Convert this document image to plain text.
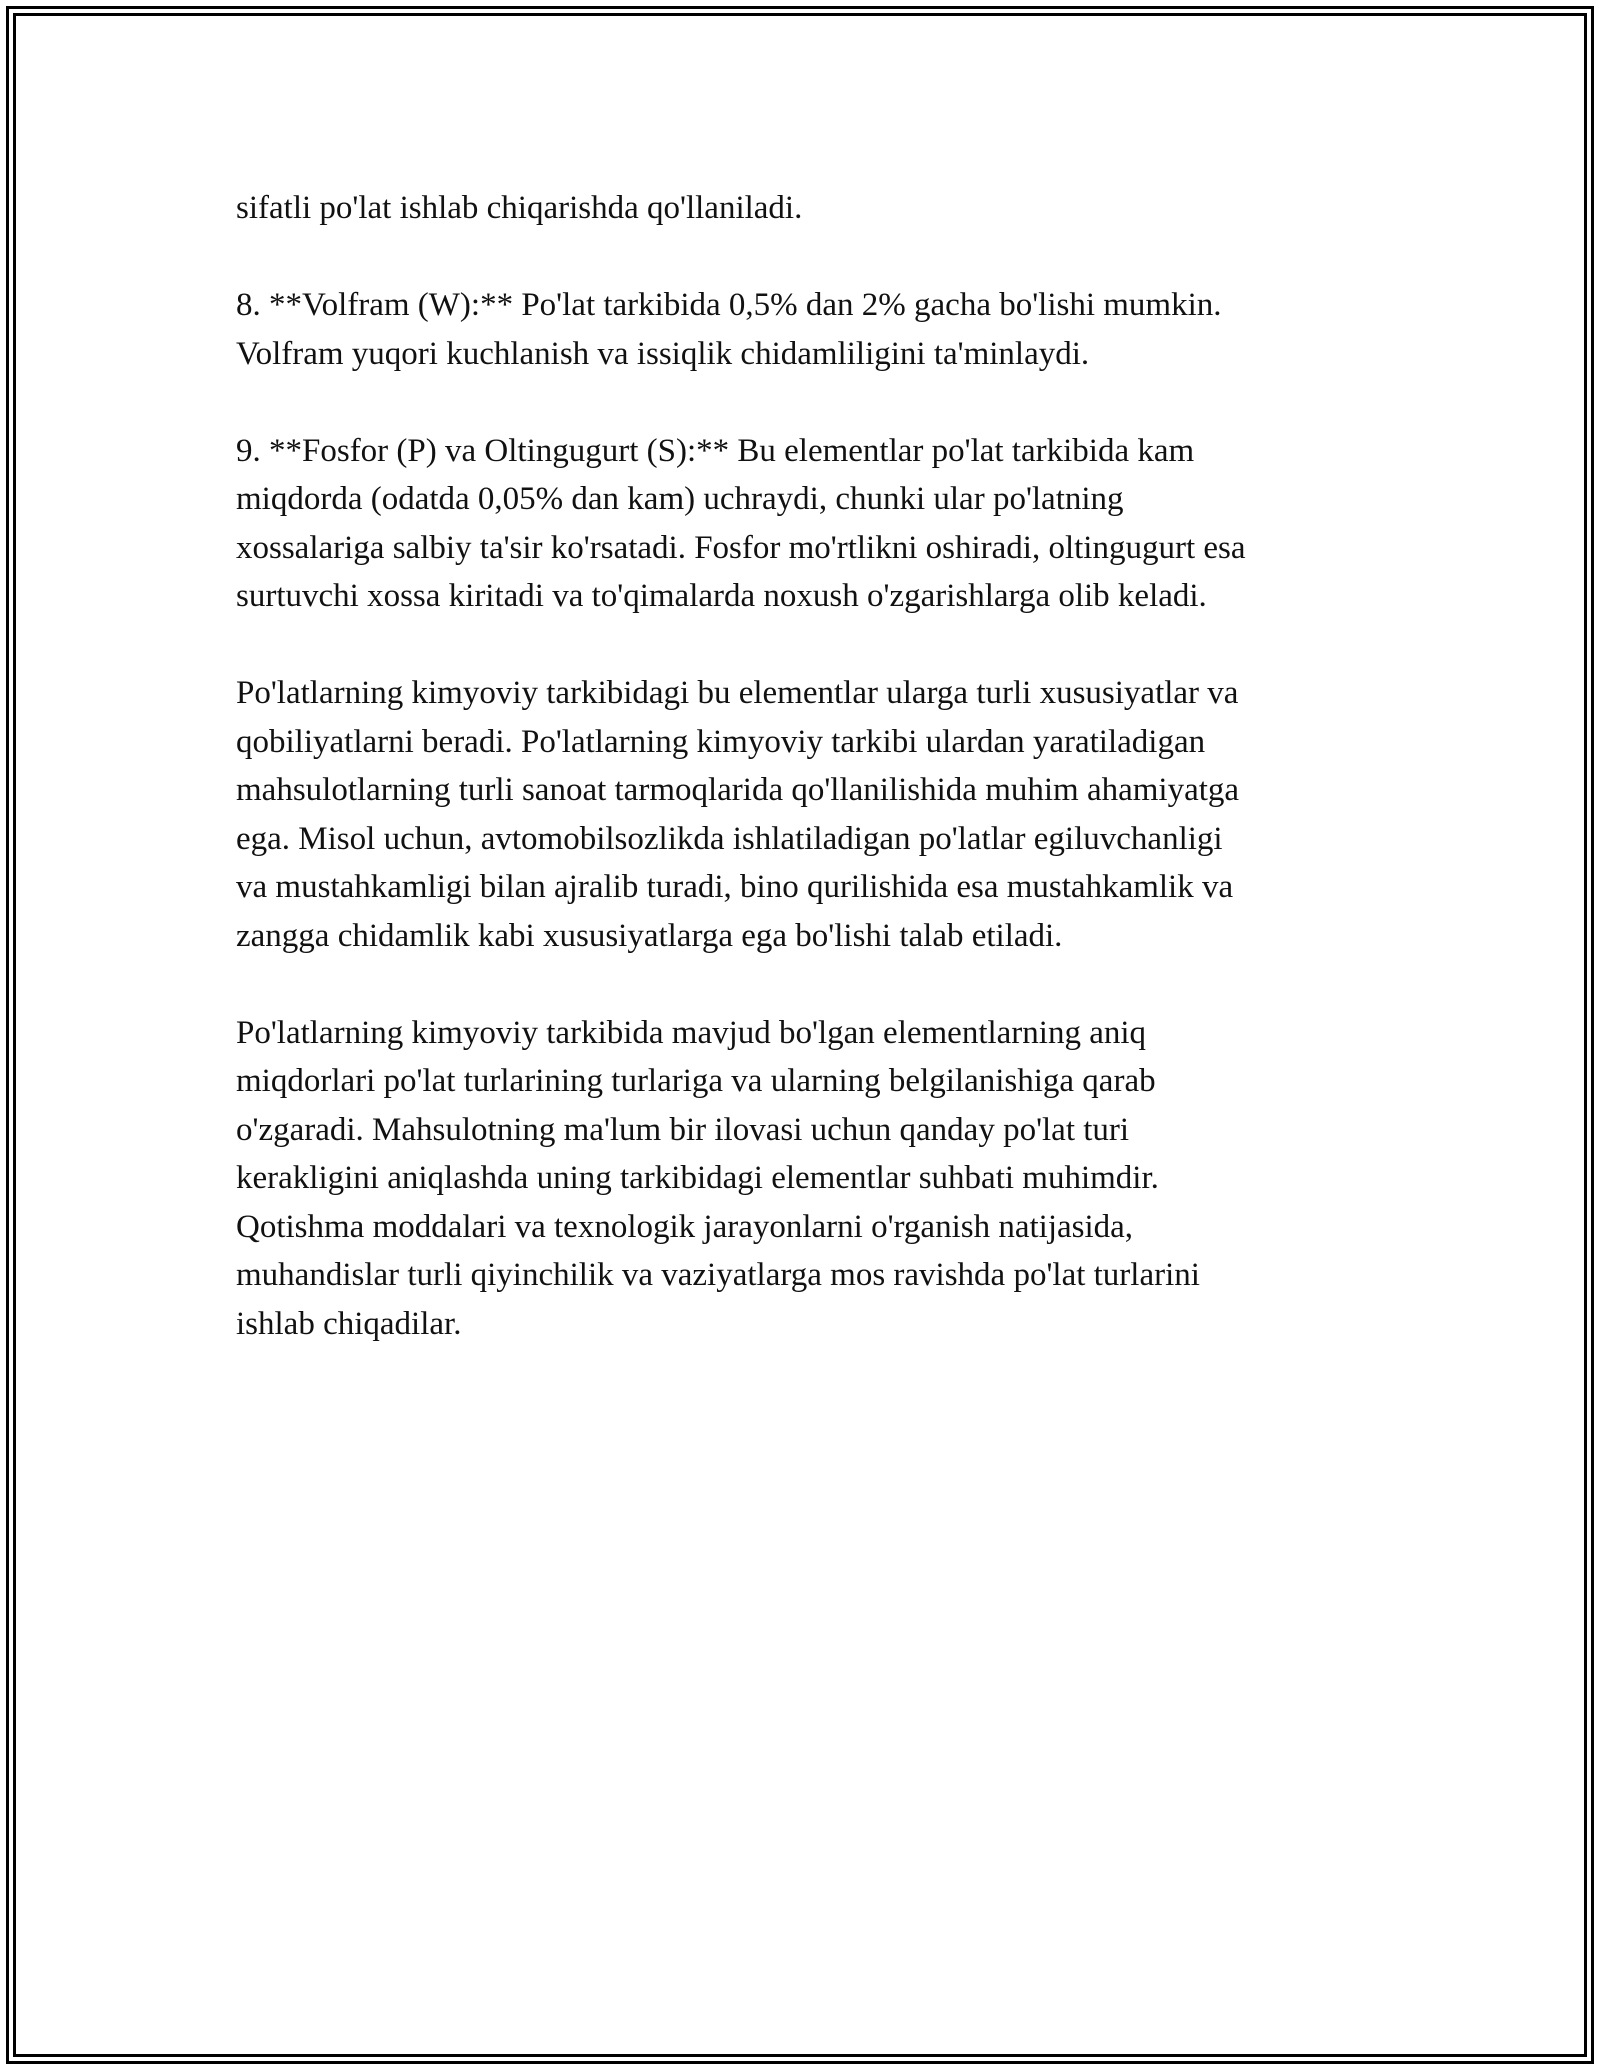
sifatli po'lat ishlab chiqarishda qo'llaniladi.

8. **Volfram (W):** Po'lat tarkibida 0,5% dan 2% gacha bo'lishi mumkin.
Volfram yuqori kuchlanish va issiqlik chidamliligini ta'minlaydi.

9. **Fosfor (P) va Oltingugurt (S):** Bu elementlar po'lat tarkibida kam
miqdorda (odatda 0,05% dan kam) uchraydi, chunki ular po'latning
xossalariga salbiy ta'sir ko'rsatadi. Fosfor mo'rtlikni oshiradi, oltingugurt esa
surtuvchi xossa kiritadi va to'qimalarda noxush o'zgarishlarga olib keladi.

Po'latlarning kimyoviy tarkibidagi bu elementlar ularga turli xususiyatlar va
qobiliyatlarni beradi. Po'latlarning kimyoviy tarkibi ulardan yaratiladigan
mahsulotlarning turli sanoat tarmoqlarida qo'llanilishida muhim ahamiyatga
ega. Misol uchun, avtomobilsozlikda ishlatiladigan po'latlar egiluvchanligi
va mustahkamligi bilan ajralib turadi, bino qurilishida esa mustahkamlik va
zangga chidamlik kabi xususiyatlarga ega bo'lishi talab etiladi.

Po'latlarning kimyoviy tarkibida mavjud bo'lgan elementlarning aniq
miqdorlari po'lat turlarining turlariga va ularning belgilanishiga qarab
o'zgaradi. Mahsulotning ma'lum bir ilovasi uchun qanday po'lat turi
kerakligini aniqlashda uning tarkibidagi elementlar suhbati muhimdir.
Qotishma moddalari va texnologik jarayonlarni o'rganish natijasida,
muhandislar turli qiyinchilik va vaziyatlarga mos ravishda po'lat turlarini
ishlab chiqadilar.
